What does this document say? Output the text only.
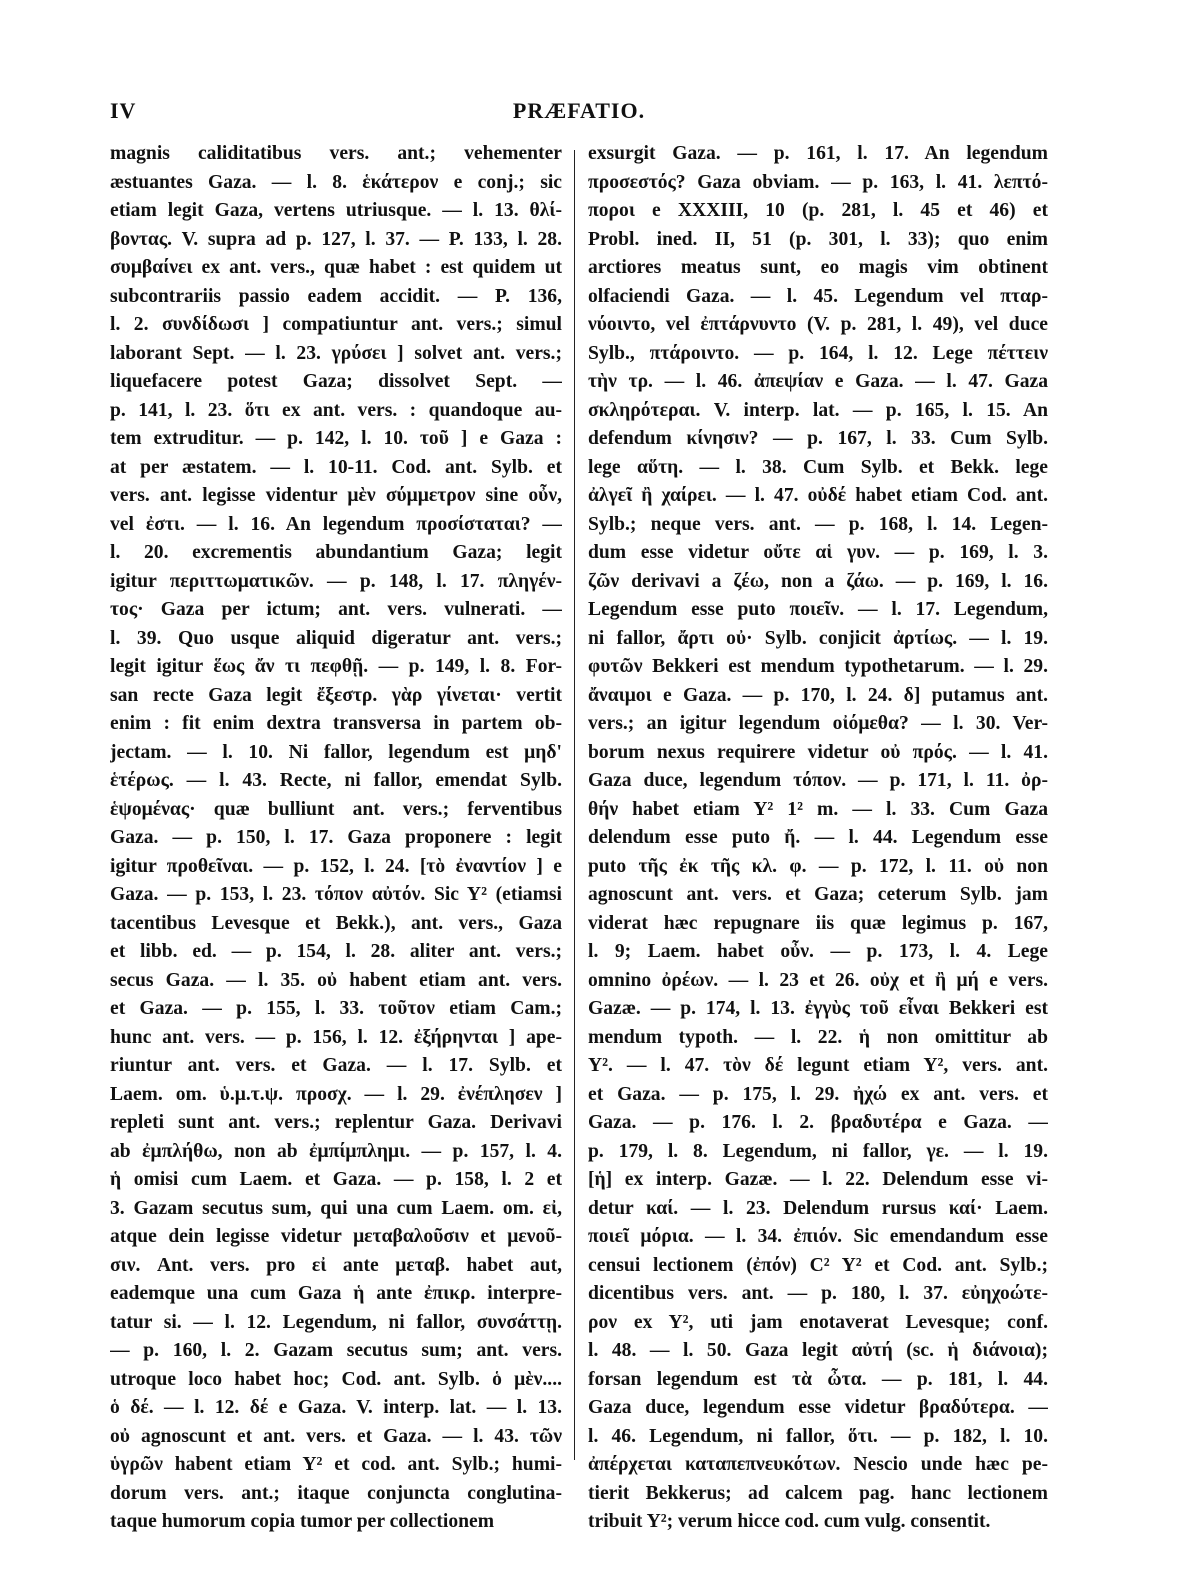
IV	PRÆFATIO.
magnis caliditatibus vers. ant.; vehementer
æstuantes Gaza. — l. 8. ἑκάτερον e conj.; sic
etiam legit Gaza, vertens utriusque. — l. 13. θλί-
βοντας. V. supra ad p. 127, l. 37. — P. 133, l. 28.
συμβαίνει ex ant. vers., quæ habet : est quidem ut
subcontrariis passio eadem accidit. — P. 136,
l. 2. συνδίδωσι ] compatiuntur ant. vers.; simul
laborant Sept. — l. 23. γρύσει ] solvet ant. vers.;
liquefacere potest Gaza; dissolvet Sept. —
p. 141, l. 23. ὅτι ex ant. vers. : quandoque au-
tem extruditur. — p. 142, l. 10. τοῦ ] e Gaza :
at per æstatem. — l. 10-11. Cod. ant. Sylb. et
vers. ant. legisse videntur μὲν σύμμετρον sine οὖν,
vel ἐστι. — l. 16. An legendum προσίσταται? —
l. 20. excrementis abundantium Gaza; legit
igitur περιττωματικῶν. — p. 148, l. 17. πληγέν-
τος· Gaza per ictum; ant. vers. vulnerati. —
l. 39. Quo usque aliquid digeratur ant. vers.;
legit igitur ἕως ἄν τι πεφθῇ. — p. 149, l. 8. For-
san recte Gaza legit ἔξεστρ. γὰρ γίνεται· vertit
enim : fit enim dextra transversa in partem ob-
jectam. — l. 10. Ni fallor, legendum est μηδ'
ἑτέρως. — l. 43. Recte, ni fallor, emendat Sylb.
ἑψομένας· quæ bulliunt ant. vers.; ferventibus
Gaza. — p. 150, l. 17. Gaza proponere : legit
igitur προθεῖναι. — p. 152, l. 24. [τὸ ἐναντίον ] e
Gaza. — p. 153, l. 23. τόπον αὐτόν. Sic Y² (etiamsi
tacentibus Levesque et Bekk.), ant. vers., Gaza
et libb. ed. — p. 154, l. 28. aliter ant. vers.;
secus Gaza. — l. 35. οὐ habent etiam ant. vers.
et Gaza. — p. 155, l. 33. τοῦτον etiam Cam.;
hunc ant. vers. — p. 156, l. 12. ἐξήρηνται ] ape-
riuntur ant. vers. et Gaza. — l. 17. Sylb. et
Laem. om. ὑ.μ.τ.ψ. προσχ. — l. 29. ἐνέπλησεν ]
repleti sunt ant. vers.; replentur Gaza. Derivavi
ab ἐμπλήθω, non ab ἐμπίμπλημι. — p. 157, l. 4.
ἡ omisi cum Laem. et Gaza. — p. 158, l. 2 et
3. Gazam secutus sum, qui una cum Laem. om. εἰ,
atque dein legisse videtur μεταβαλοῦσιν et μενοῦ-
σιν. Ant. vers. pro εἰ ante μεταβ. habet aut,
eademque una cum Gaza ἡ ante ἐπικρ. interpre-
tatur si. — l. 12. Legendum, ni fallor, συνσάττῃ.
— p. 160, l. 2. Gazam secutus sum; ant. vers.
utroque loco habet hoc; Cod. ant. Sylb. ὁ μὲν....
ὁ δέ. — l. 12. δέ e Gaza. V. interp. lat. — l. 13.
οὐ agnoscunt et ant. vers. et Gaza. — l. 43. τῶν
ὑγρῶν habent etiam Y² et cod. ant. Sylb.; humi-
dorum vers. ant.; itaque conjuncta conglutina-
taque humorum copia tumor per collectionem
exsurgit Gaza. — p. 161, l. 17. An legendum
προσεστός? Gaza obviam. — p. 163, l. 41. λεπτό-
ποροι e XXXIII, 10 (p. 281, l. 45 et 46) et
Probl. ined. II, 51 (p. 301, l. 33); quo enim
arctiores meatus sunt, eo magis vim obtinent
olfaciendi Gaza. — l. 45. Legendum vel πταρ-
νύοιντο, vel ἐπτάρνυντο (V. p. 281, l. 49), vel duce
Sylb., πτάροιντο. — p. 164, l. 12. Lege πέττειν
τὴν τρ. — l. 46. ἀπεψίαν e Gaza. — l. 47. Gaza
σκληρότεραι. V. interp. lat. — p. 165, l. 15. An
defendum κίνησιν? — p. 167, l. 33. Cum Sylb.
lege αὕτη. — l. 38. Cum Sylb. et Bekk. lege
ἀλγεῖ ἢ χαίρει. — l. 47. οὐδέ habet etiam Cod. ant.
Sylb.; neque vers. ant. — p. 168, l. 14. Legen-
dum esse videtur οὔτε αἱ γυν. — p. 169, l. 3.
ζῶν derivavi a ζέω, non a ζάω. — p. 169, l. 16.
Legendum esse puto ποιεῖν. — l. 17. Legendum,
ni fallor, ἄρτι οὐ· Sylb. conjicit ἀρτίως. — l. 19.
φυτῶν Bekkeri est mendum typothetarum. — l. 29.
ἄναιμοι e Gaza. — p. 170, l. 24. δ] putamus ant.
vers.; an igitur legendum οἰόμεθα? — l. 30. Ver-
borum nexus requirere videtur οὐ πρός. — l. 41.
Gaza duce, legendum τόπον. — p. 171, l. 11. ὀρ-
θήν habet etiam Y² 1² m. — l. 33. Cum Gaza
delendum esse puto ἤ. — l. 44. Legendum esse
puto τῆς ἐκ τῆς κλ. φ. — p. 172, l. 11. οὐ non
agnoscunt ant. vers. et Gaza; ceterum Sylb. jam
viderat hæc repugnare iis quæ legimus p. 167,
l. 9; Laem. habet οὖν. — p. 173, l. 4. Lege
omnino ὀρέων. — l. 23 et 26. οὐχ et ἢ μή e vers.
Gazæ. — p. 174, l. 13. ἐγγὺς τοῦ εἶναι Bekkeri est
mendum typoth. — l. 22. ἡ non omittitur ab
Y². — l. 47. τὸν δέ legunt etiam Y², vers. ant.
et Gaza. — p. 175, l. 29. ἠχώ ex ant. vers. et
Gaza. — p. 176. l. 2. βραδυτέρα e Gaza. —
p. 179, l. 8. Legendum, ni fallor, γε. — l. 19.
[ἡ] ex interp. Gazæ. — l. 22. Delendum esse vi-
detur καί. — l. 23. Delendum rursus καί· Laem.
ποιεῖ μόρια. — l. 34. ἐπιόν. Sic emendandum esse
censui lectionem (ἐπόν) C² Y² et Cod. ant. Sylb.;
dicentibus vers. ant. — p. 180, l. 37. εὐηχοώτε-
ρον ex Y², uti jam enotaverat Levesque; conf.
l. 48. — l. 50. Gaza legit αὐτή (sc. ἡ διάνοια);
forsan legendum est τὰ ὦτα. — p. 181, l. 44.
Gaza duce, legendum esse videtur βραδύτερα. —
l. 46. Legendum, ni fallor, ὅτι. — p. 182, l. 10.
ἀπέρχεται καταπεπνευκότων. Nescio unde hæc pe-
tierit Bekkerus; ad calcem pag. hanc lectionem
tribuit Y²; verum hicce cod. cum vulg. consentit.
